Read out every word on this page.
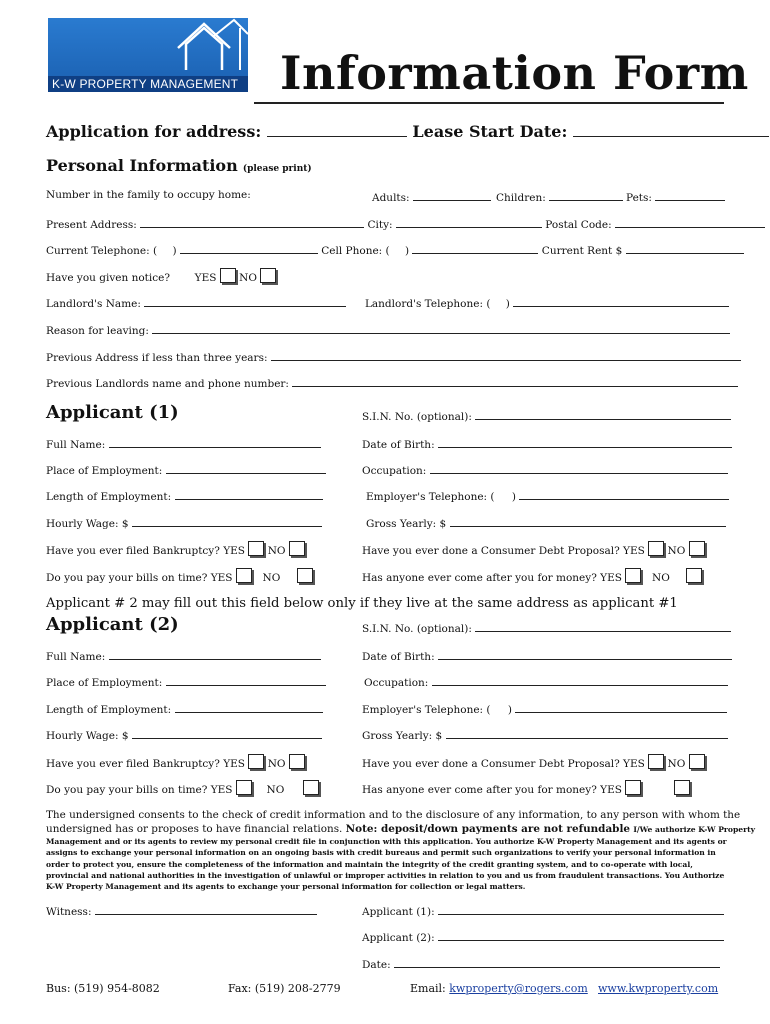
K-W PROPERTY MANAGEMENT Information Form
Application for address:	Lease Start Date:
Personal Information (please print)
Number in the family to occupy home:	Adults:	Children:	Pets:
Present Address:	City:	Postal Code:
Current Telephone: ( )	Cell Phone: ( )	Current Rent $
Have you given notice? YES NO
Landlord's Name:	Landlord's Telephone: ( )
Reason for leaving:
Previous Address if less than three years:
Previous Landlords name and phone number:
Applicant (1)	S.I.N. No. (optional):
Full Name:	Date of Birth:
Place of Employment:	Occupation:
Length of Employment:	Employer's Telephone: ( )
Hourly Wage: $	Gross Yearly: $
Have you ever filed Bankruptcy? YES NO	Have you ever done a Consumer Debt Proposal? YES NO
Do you pay your bills on time? YES	NO	Has anyone ever come after you for money? YES	NO
Applicant # 2 may fill out this field below only if they live at the same address as applicant #1
Applicant (2)	S.I.N. No. (optional):
Full Name:	Date of Birth:
Place of Employment:	Occupation:
Length of Employment:	Employer's Telephone: ( )
Hourly Wage: $	Gross Yearly: $
Have you ever filed Bankruptcy? YES NO	Have you ever done a Consumer Debt Proposal? YES NO
Do you pay your bills on time? YES	NO	Has anyone ever come after you for money? YES
The undersigned consents to the check of credit information and to the disclosure of any information, to any person with whom the
undersigned has or proposes to have financial relations. Note: deposit/down payments are not refundable I/We authorize K-W Property
Management and or its agents to review my personal credit file in conjunction with this application. You authorize K-W Property Management and its agents or assigns to exchange your personal information on an ongoing basis with credit bureaus and permit such organizations to verify your personal information in order to protect you, ensure the completeness of the information and maintain the integrity of the credit granting system, and to co-operate with local, provincial and national authorities in the investigation of unlawful or improper activities in relation to you and us from fraudulent transactions. You Authorize K-W Property Management and its agents to exchange your personal information for collection or legal matters.
Witness:	Applicant (1):
Applicant (2):
Date:
Bus: (519) 954-8082	Fax: (519) 208-2779	Email: kwproperty@rogers.com www.kwproperty.com
